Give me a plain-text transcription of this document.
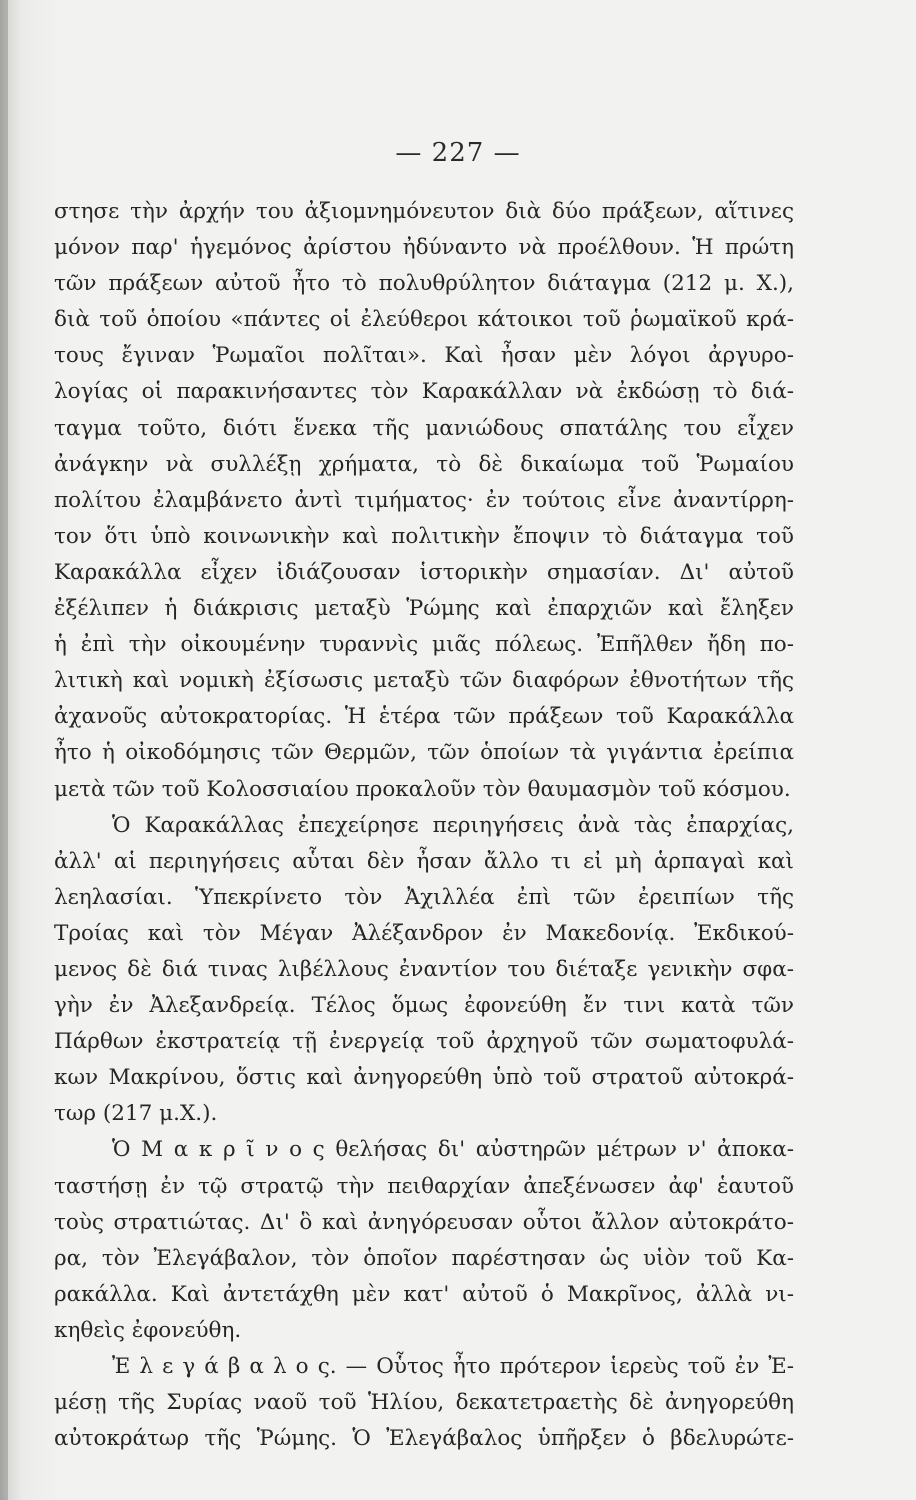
— 227 —
στησε τὴν ἀρχήν του ἀξιομνημόνευτον διὰ δύο πράξεων, αἵτινες
μόνον παρ' ἡγεμόνος ἀρίστου ἠδύναντο νὰ προέλθουν. Ἡ πρώτη
τῶν πράξεων αὐτοῦ ἦτο τὸ πολυθρύλητον διάταγμα (212 μ. Χ.),
διὰ τοῦ ὁποίου «πάντες οἱ ἐλεύθεροι κάτοικοι τοῦ ῥωμαϊκοῦ κρά-
τους ἔγιναν Ῥωμαῖοι πολῖται». Καὶ ἦσαν μὲν λόγοι ἀργυρο-
λογίας οἱ παρακινήσαντες τὸν Καρακάλλαν νὰ ἐκδώσῃ τὸ διά-
ταγμα τοῦτο, διότι ἕνεκα τῆς μανιώδους σπατάλης του εἶχεν
ἀνάγκην νὰ συλλέξῃ χρήματα, τὸ δὲ δικαίωμα τοῦ Ῥωμαίου
πολίτου ἐλαμβάνετο ἀντὶ τιμήματος· ἐν τούτοις εἶνε ἀναντίρρη-
τον ὅτι ὑπὸ κοινωνικὴν καὶ πολιτικὴν ἔποψιν τὸ διάταγμα τοῦ
Καρακάλλα εἶχεν ἰδιάζουσαν ἱστορικὴν σημασίαν. Δι' αὐτοῦ
ἐξέλιπεν ἡ διάκρισις μεταξὺ Ῥώμης καὶ ἐπαρχιῶν καὶ ἔληξεν
ἡ ἐπὶ τὴν οἰκουμένην τυραννὶς μιᾶς πόλεως. Ἐπῆλθεν ἤδη πο-
λιτικὴ καὶ νομικὴ ἐξίσωσις μεταξὺ τῶν διαφόρων ἐθνοτήτων τῆς
ἀχανοῦς αὐτοκρατορίας. Ἡ ἑτέρα τῶν πράξεων τοῦ Καρακάλλα
ἦτο ἡ οἰκοδόμησις τῶν Θερμῶν, τῶν ὁποίων τὰ γιγάντια ἐρείπια
μετὰ τῶν τοῦ Κολοσσιαίου προκαλοῦν τὸν θαυμασμὸν τοῦ κόσμου.
Ὁ Καρακάλλας ἐπεχείρησε περιηγήσεις ἀνὰ τὰς ἐπαρχίας,
ἀλλ' αἱ περιηγήσεις αὗται δὲν ἦσαν ἄλλο τι εἰ μὴ ἁρπαγαὶ καὶ
λεηλασίαι. Ὑπεκρίνετο τὸν Ἀχιλλέα ἐπὶ τῶν ἐρειπίων τῆς
Τροίας καὶ τὸν Μέγαν Ἀλέξανδρον ἐν Μακεδονίᾳ. Ἐκδικού-
μενος δὲ διά τινας λιβέλλους ἐναντίον του διέταξε γενικὴν σφα-
γὴν ἐν Ἀλεξανδρείᾳ. Τέλος ὅμως ἐφονεύθη ἔν τινι κατὰ τῶν
Πάρθων ἐκστρατείᾳ τῇ ἐνεργείᾳ τοῦ ἀρχηγοῦ τῶν σωματοφυλά-
κων Μακρίνου, ὅστις καὶ ἀνηγορεύθη ὑπὸ τοῦ στρατοῦ αὐτοκρά-
τωρ (217 μ.Χ.).
Ὁ Μ α κ ρ ῖ ν ο ς θελήσας δι' αὐστηρῶν μέτρων ν' ἀποκα-
ταστήσῃ ἐν τῷ στρατῷ τὴν πειθαρχίαν ἀπεξένωσεν ἀφ' ἑαυτοῦ
τοὺς στρατιώτας. Δι' ὃ καὶ ἀνηγόρευσαν οὗτοι ἄλλον αὐτοκράτο-
ρα, τὸν Ἐλεγάβαλον, τὸν ὁποῖον παρέστησαν ὡς υἱὸν τοῦ Κα-
ρακάλλα. Καὶ ἀντετάχθη μὲν κατ' αὐτοῦ ὁ Μακρῖνος, ἀλλὰ νι-
κηθεὶς ἐφονεύθη.
Ἐ λ ε γ ά β α λ ο ς. — Οὗτος ἦτο πρότερον ἱερεὺς τοῦ ἐν Ἐ-
μέσῃ τῆς Συρίας ναοῦ τοῦ Ἡλίου, δεκατετραετὴς δὲ ἀνηγορεύθη
αὐτοκράτωρ τῆς Ῥώμης. Ὁ Ἐλεγάβαλος ὑπῆρξεν ὁ βδελυρώτε-
